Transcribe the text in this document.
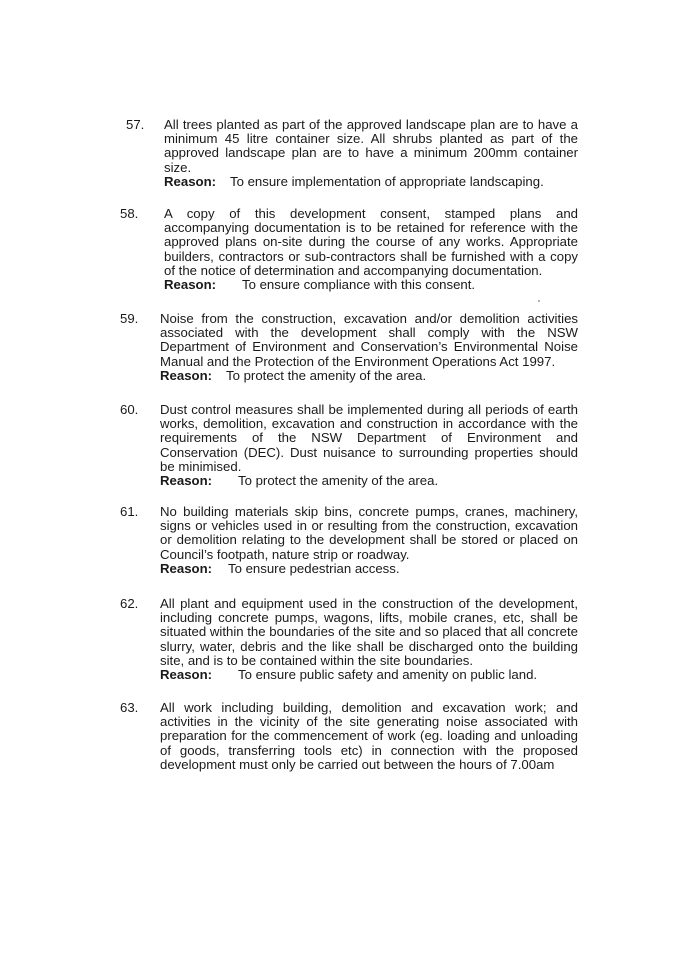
57. All trees planted as part of the approved landscape plan are to have a minimum 45 litre container size. All shrubs planted as part of the approved landscape plan are to have a minimum 200mm container size.
Reason: To ensure implementation of appropriate landscaping.
58. A copy of this development consent, stamped plans and accompanying documentation is to be retained for reference with the approved plans on-site during the course of any works. Appropriate builders, contractors or sub-contractors shall be furnished with a copy of the notice of determination and accompanying documentation.
Reason: To ensure compliance with this consent.
59. Noise from the construction, excavation and/or demolition activities associated with the development shall comply with the NSW Department of Environment and Conservation’s Environmental Noise Manual and the Protection of the Environment Operations Act 1997.
Reason: To protect the amenity of the area.
60. Dust control measures shall be implemented during all periods of earth works, demolition, excavation and construction in accordance with the requirements of the NSW Department of Environment and Conservation (DEC). Dust nuisance to surrounding properties should be minimised.
Reason: To protect the amenity of the area.
61. No building materials skip bins, concrete pumps, cranes, machinery, signs or vehicles used in or resulting from the construction, excavation or demolition relating to the development shall be stored or placed on Council’s footpath, nature strip or roadway.
Reason: To ensure pedestrian access.
62. All plant and equipment used in the construction of the development, including concrete pumps, wagons, lifts, mobile cranes, etc, shall be situated within the boundaries of the site and so placed that all concrete slurry, water, debris and the like shall be discharged onto the building site, and is to be contained within the site boundaries.
Reason: To ensure public safety and amenity on public land.
63. All work including building, demolition and excavation work; and activities in the vicinity of the site generating noise associated with preparation for the commencement of work (eg. loading and unloading of goods, transferring tools etc) in connection with the proposed development must only be carried out between the hours of 7.00am
